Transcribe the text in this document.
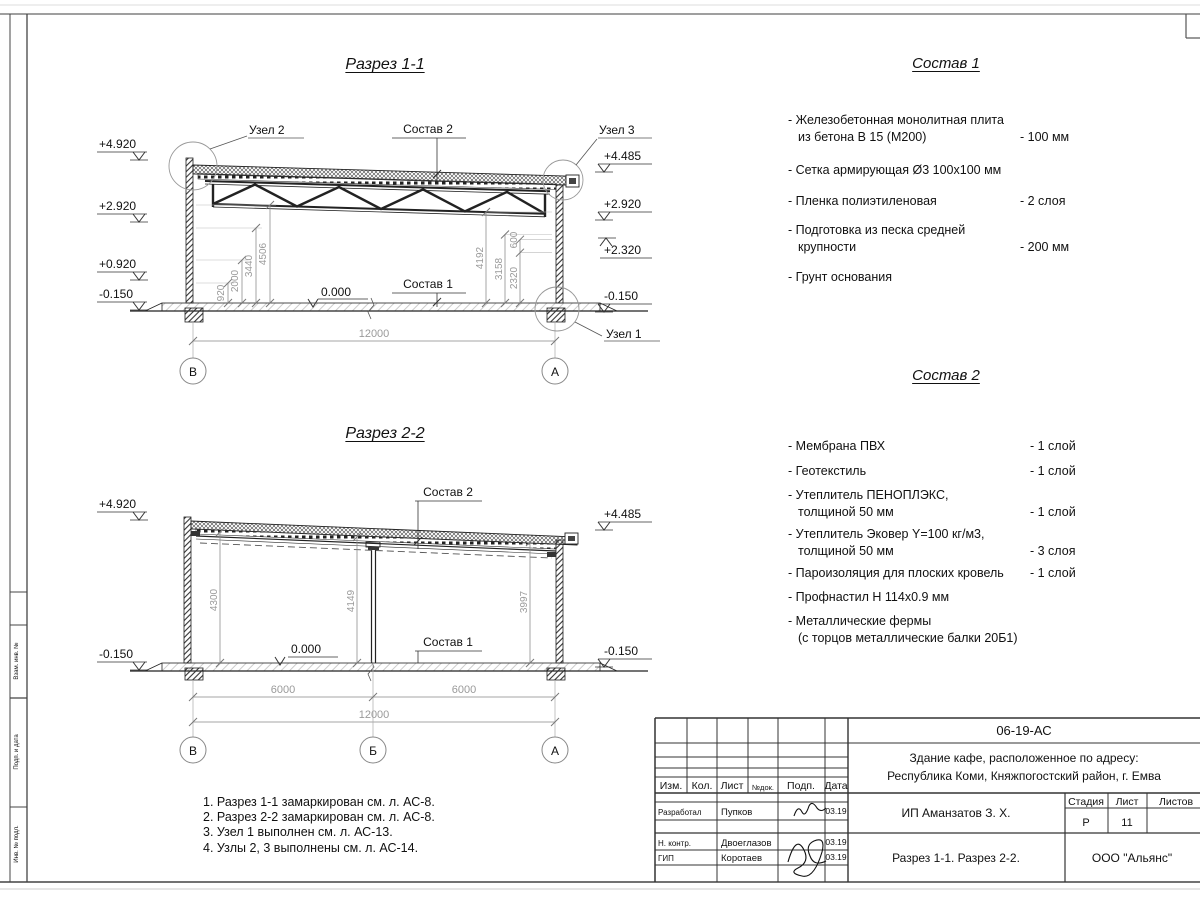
Взам. инв. №
Подп. и дата
Инв. № подл.
920
2000
3440
4506	4192 3158 2320
600
12000
В	А
+4.920
+2.920
+0.920
-0.150
+4.485
+2.920
+2.320
-0.150
Узел 2	Узел 3
Узел 1
Состав 2
Состав 1
0.000
4300	4149	3997
6000	6000
12000
В	Б	А
+4.920
-0.150
+4.485
-0.150
Состав 2
Состав 1
0.000
06-19-АС
Здание кафе, расположенное по адресу:
Республика Коми, Княжпогостский район, г. Емва
Изм. Кол. Лист №док. Подп. Дата
Разработал Пупков	03.19
Н. контр.	Двоеглазов	03.19
ГИП	Коротаев	03.19
ИП Аманзатов З. Х.
Стадия Лист Листов
Р	11
Разрез 1-1. Разрез 2-2.	ООО "Альянс"
Разрез 1-1
Разрез 2-2
Состав 1
Состав 2
- Железобетонная монолитная плита
из бетона В 15 (М200)	- 100 мм
- Сетка армирующая Ø3 100х100 мм
- Пленка полиэтиленовая	- 2 слоя
- Подготовка из песка средней
крупности	- 200 мм
- Грунт основания
- Мембрана ПВХ	- 1 слой
- Геотекстиль	- 1 слой
- Утеплитель ПЕНОПЛЭКС,
толщиной 50 мм	- 1 слой
- Утеплитель Эковер Y=100 кг/м3,
толщиной 50 мм	- 3 слоя
- Пароизоляция для плоских кровель	- 1 слой
- Профнастил Н 114х0.9 мм
- Металлические фермы
(с торцов металлические балки 20Б1)
1. Разрез 1-1 замаркирован см. л. АС-8.
2. Разрез 2-2 замаркирован см. л. АС-8.
3. Узел 1 выполнен см. л. АС-13.
4. Узлы 2, 3 выполнены см. л. АС-14.
